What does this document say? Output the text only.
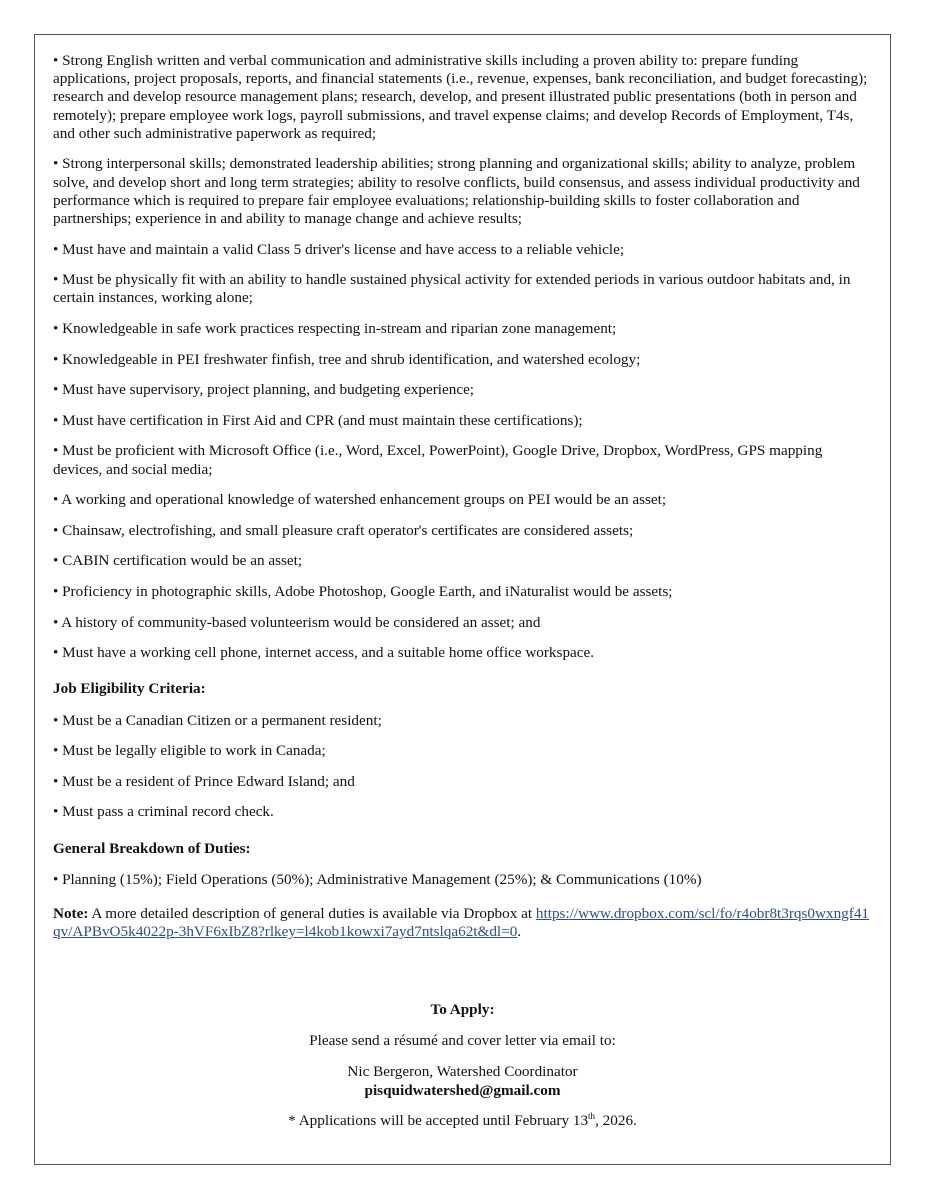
• Strong English written and verbal communication and administrative skills including a proven ability to: prepare funding applications, project proposals, reports, and financial statements (i.e., revenue, expenses, bank reconciliation, and budget forecasting); research and develop resource management plans; research, develop, and present illustrated public presentations (both in person and remotely); prepare employee work logs, payroll submissions, and travel expense claims; and develop Records of Employment, T4s, and other such administrative paperwork as required;

• Strong interpersonal skills; demonstrated leadership abilities; strong planning and organizational skills; ability to analyze, problem solve, and develop short and long term strategies; ability to resolve conflicts, build consensus, and assess individual productivity and performance which is required to prepare fair employee evaluations; relationship-building skills to foster collaboration and partnerships; experience in and ability to manage change and achieve results;

• Must have and maintain a valid Class 5 driver's license and have access to a reliable vehicle;

• Must be physically fit with an ability to handle sustained physical activity for extended periods in various outdoor habitats and, in certain instances, working alone;

• Knowledgeable in safe work practices respecting in-stream and riparian zone management;

• Knowledgeable in PEI freshwater finfish, tree and shrub identification, and watershed ecology;

• Must have supervisory, project planning, and budgeting experience;

• Must have certification in First Aid and CPR (and must maintain these certifications);

• Must be proficient with Microsoft Office (i.e., Word, Excel, PowerPoint), Google Drive, Dropbox, WordPress, GPS mapping devices, and social media;

• A working and operational knowledge of watershed enhancement groups on PEI would be an asset;

• Chainsaw, electrofishing, and small pleasure craft operator's certificates are considered assets;

• CABIN certification would be an asset;

• Proficiency in photographic skills, Adobe Photoshop, Google Earth, and iNaturalist would be assets;

• A history of community-based volunteerism would be considered an asset; and

• Must have a working cell phone, internet access, and a suitable home office workspace.

Job Eligibility Criteria:

• Must be a Canadian Citizen or a permanent resident;

• Must be legally eligible to work in Canada;

• Must be a resident of Prince Edward Island; and

• Must pass a criminal record check.

General Breakdown of Duties:

• Planning (15%); Field Operations (50%); Administrative Management (25%); & Communications (10%)

Note: A more detailed description of general duties is available via Dropbox at https://www.dropbox.com/scl/fo/r4obr8t3rqs0wxngf41qv/APBvO5k4022p-3hVF6xIbZ8?rlkey=l4kob1kowxi7ayd7ntslqa62t&dl=0.

To Apply:

Please send a résumé and cover letter via email to:

Nic Bergeron, Watershed Coordinator

pisquidwatershed@gmail.com

* Applications will be accepted until February 13th, 2026.
